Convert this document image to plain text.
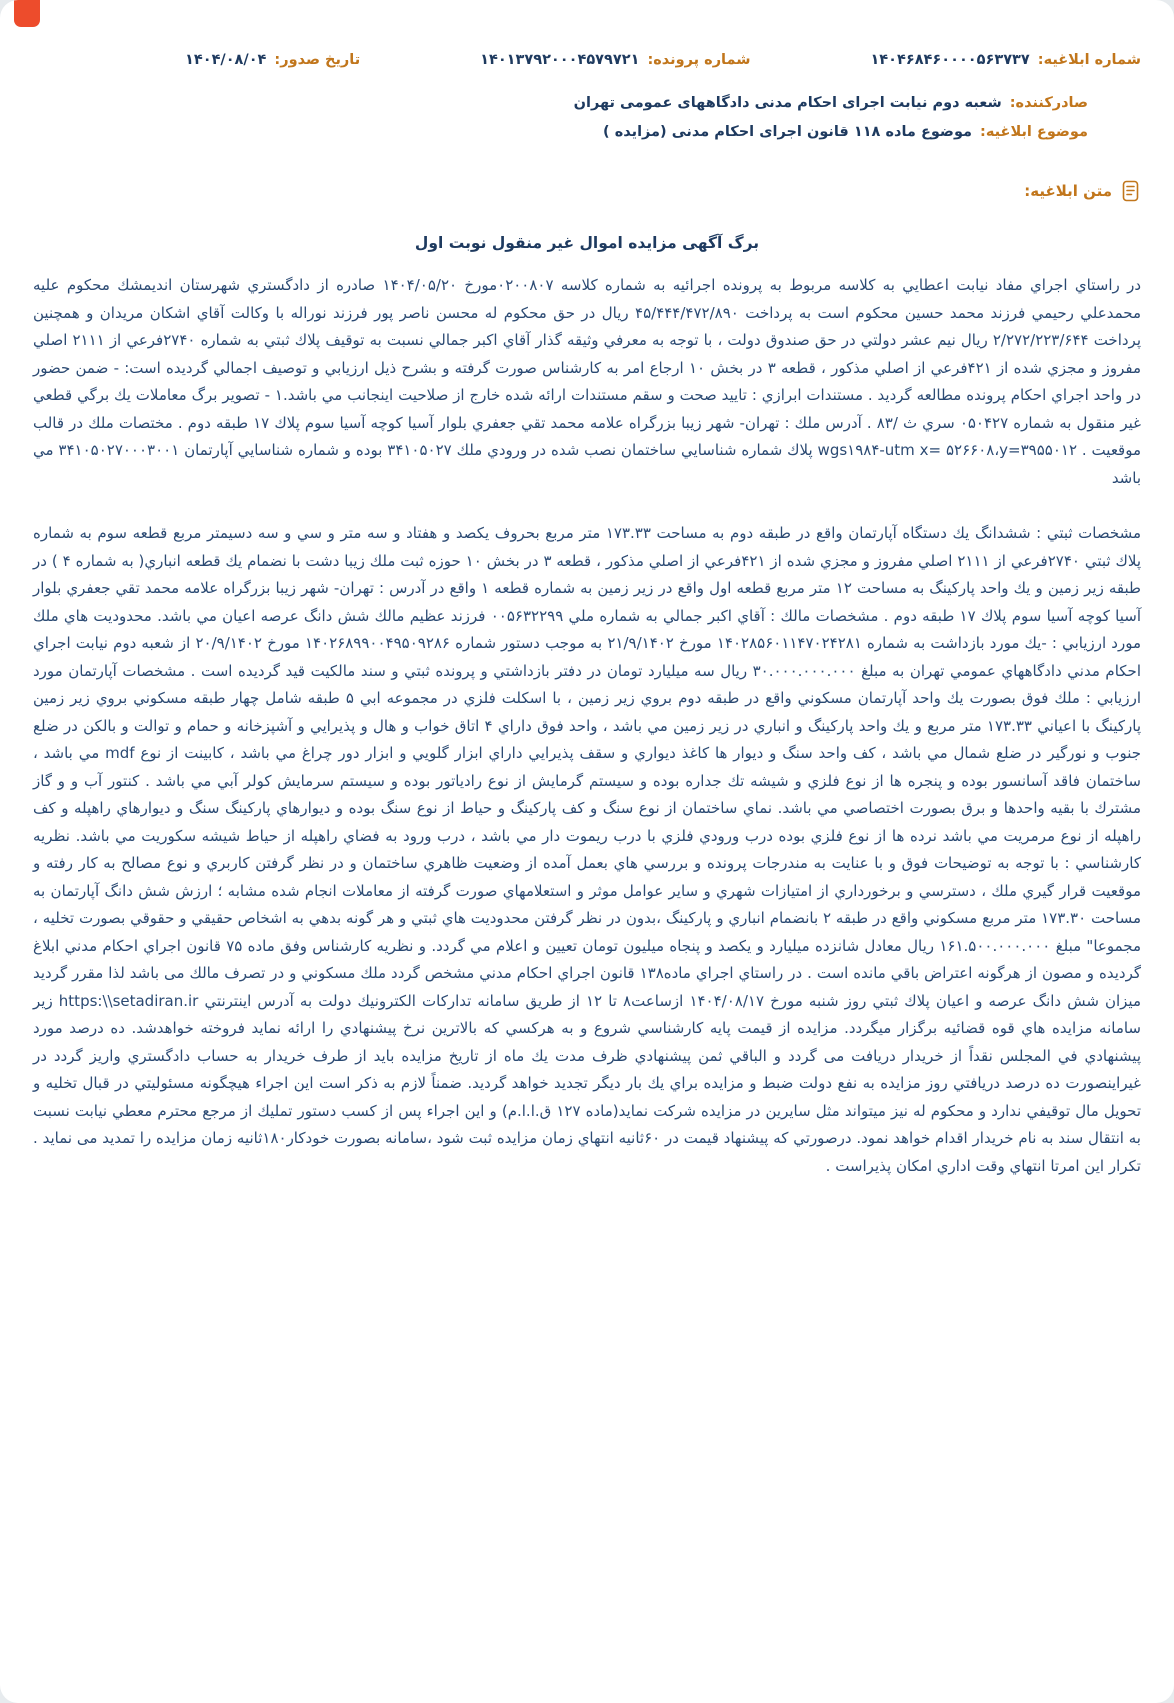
شماره ابلاغیه:۱۴۰۴۶۸۴۶۰۰۰۰۵۶۳۷۳۷
شماره پرونده:۱۴۰۱۳۷۹۲۰۰۰۴۵۷۹۷۲۱
تاریخ صدور:۱۴۰۴/۰۸/۰۴
صادرکننده:شعبه دوم نیابت اجرای احکام مدنی دادگاههای عمومی تهران
موضوع ابلاغیه:موضوع ماده ۱۱۸ قانون اجرای احکام مدنی (مزایده )
متن ابلاغیه:
برگ آگهی مزایده اموال غیر منقول نوبت اول

در راستاي اجراي مفاد نيابت اعطايي به كلاسه مربوط به پرونده اجرائيه به شماره كلاسه ۰۲۰۰۸۰۷مورخ ۱۴۰۴/۰۵/۲۰ صادره از دادگستري شهرستان انديمشك محكوم عليه محمدعلي رحيمي فرزند محمد حسين محكوم است به پرداخت ۴۵/۴۴۴/۴۷۲/۸۹۰ ريال در حق محكوم له محسن ناصر پور فرزند نوراله با وكالت آقاي اشكان مريدان و همچنين پرداخت ۲/۲۷۲/۲۲۳/۶۴۴ ريال نيم عشر دولتي در حق صندوق دولت ، با توجه به معرفي وثيقه گذار آقاي اكبر جمالي نسبت به توقيف پلاك ثبتي به شماره ۲۷۴۰فرعي از ۲۱۱۱ اصلي مفروز و مجزي شده از ۴۲۱فرعي از اصلي مذكور ، قطعه ۳ در بخش ۱۰ ارجاع امر به كارشناس صورت گرفته و بشرح ذيل ارزيابي و توصيف اجمالي گرديده است: - ضمن حضور در واحد اجراي احكام پرونده مطالعه گرديد . مستندات ابرازي : تاييد صحت و سقم مستندات ارائه شده خارج از صلاحيت اينجانب مي باشد.۱ - تصوير برگ معاملات يك برگي قطعي غير منقول به شماره ۰۵۰۴۲۷ سري ث /۸۳ . آدرس ملك : تهران- شهر زيبا بزرگراه علامه محمد تقي جعفري بلوار آسيا كوچه آسيا سوم پلاك ۱۷ طبقه دوم . مختصات ملك در قالب موقعيت . wgs۱۹۸۴-utm x= ۵۲۶۶۰۸،y=۳۹۵۵۰۱۲ پلاك شماره شناسايي ساختمان نصب شده در ورودي ملك ۳۴۱۰۵۰۲۷ بوده و شماره شناسايي آپارتمان ۳۴۱۰۵۰۲۷۰۰۰۳۰۰۱ مي باشد

مشخصات ثبتي : ششدانگ يك دستگاه آپارتمان واقع در طبقه دوم به مساحت ۱۷۳.۳۳ متر مربع بحروف يكصد و هفتاد و سه متر و سي و سه دسيمتر مربع قطعه سوم به شماره پلاك ثبتي ۲۷۴۰فرعي از ۲۱۱۱ اصلي مفروز و مجزي شده از ۴۲۱فرعي از اصلي مذكور ، قطعه ۳ در بخش ۱۰ حوزه ثبت ملك زيبا دشت با نضمام يك قطعه انباري( به شماره ۴ ) در طبقه زير زمين و يك واحد پاركينگ به مساحت ۱۲ متر مربع قطعه اول واقع در زير زمين به شماره قطعه ۱ واقع در آدرس : تهران- شهر زيبا بزرگراه علامه محمد تقي جعفري بلوار آسيا كوچه آسيا سوم پلاك ۱۷ طبقه دوم . مشخصات مالك : آقاي اكبر جمالي به شماره ملي ۰۰۵۶۳۲۲۹۹ فرزند عظيم مالك شش دانگ عرصه اعيان مي باشد. محدوديت هاي ملك مورد ارزيابي : -يك مورد بازداشت به شماره ۱۴۰۲۸۵۶۰۱۱۴۷۰۲۴۲۸۱ مورخ ۲۱/۹/۱۴۰۲ به موجب دستور شماره ۱۴۰۲۶۸۹۹۰۰۴۹۵۰۹۲۸۶ مورخ ۲۰/۹/۱۴۰۲ از شعبه دوم نيابت اجراي احكام مدني دادگاههاي عمومي تهران به مبلغ ۳۰.۰۰۰.۰۰۰.۰۰۰ ريال سه ميليارد تومان در دفتر بازداشتي و پرونده ثبتي و سند مالكيت قيد گرديده است . مشخصات آپارتمان مورد ارزيابي : ملك فوق بصورت يك واحد آپارتمان مسكوني واقع در طبقه دوم بروي زير زمين ، با اسكلت فلزي در مجموعه ابي ۵ طبقه شامل چهار طبقه مسكوني بروي زير زمين پاركينگ با اعياني ۱۷۳.۳۳ متر مربع و يك واحد پاركينگ و انباري در زير زمين مي باشد ، واحد فوق داراي ۴ اتاق خواب و هال و پذيرايي و آشپزخانه و حمام و توالت و بالكن در ضلع جنوب و نورگير در ضلع شمال مي باشد ، كف واحد سنگ و ديوار ها كاغذ ديواري و سقف پذيرايي داراي ابزار گلويي و ابزار دور چراغ مي باشد ، كابينت از نوع mdf مي باشد ، ساختمان فاقد آسانسور بوده و پنجره ها از نوع فلزي و شيشه تك جداره بوده و سيستم گرمايش از نوع رادياتور بوده و سيستم سرمايش كولر آبي مي باشد . كنتور آب و و گاز مشترك با بقيه واحدها و برق بصورت اختصاصي مي باشد. نماي ساختمان از نوع سنگ و كف پاركينگ و حياط از نوع سنگ بوده و ديوارهاي پاركينگ سنگ و ديوارهاي راهپله و كف راهپله از نوع مرمريت مي باشد نرده ها از نوع فلزي بوده درب ورودي فلزي با درب ريموت دار مي باشد ، درب ورود به فضاي راهپله از حياط شيشه سكوريت مي باشد. نظريه كارشناسي : با توجه به توضيحات فوق و با عنايت به مندرجات پرونده و بررسي هاي بعمل آمده از وضعيت ظاهري ساختمان و در نظر گرفتن كاربري و نوع مصالح به كار رفته و موقعيت قرار گيري ملك ، دسترسي و برخورداري از امتيازات شهري و ساير عوامل موثر و استعلامهاي صورت گرفته از معاملات انجام شده مشابه ؛ ارزش شش دانگ آپارتمان به مساحت ۱۷۳.۳۰ متر مربع مسكوني واقع در طبقه ۲ بانضمام انباري و پاركينگ ،بدون در نظر گرفتن محدوديت هاي ثبتي و هر گونه بدهي به اشخاص حقيقي و حقوقي بصورت تخليه ، مجموعا" مبلغ ۱۶۱.۵۰۰.۰۰۰.۰۰۰ ريال معادل شانزده ميليارد و يكصد و پنجاه ميليون تومان تعيين و اعلام مي گردد. و نظريه كارشناس وفق ماده ۷۵ قانون اجراي احكام مدني ابلاغ گرديده و مصون از هرگونه اعتراض باقي مانده است . در راستاي اجراي ماده۱۳۸ قانون اجراي احكام مدني مشخص گردد ملك مسكوني و در تصرف مالك می باشد لذا مقرر گرديد ميزان شش دانگ عرصه و اعيان پلاك ثبتي روز شنبه مورخ ۱۴۰۴/۰۸/۱۷ ازساعت۸ تا ۱۲ از طريق سامانه تداركات الكترونيك دولت به آدرس اينترنتي https:\\setadiran.ir زير سامانه مزايده هاي قوه قضائيه برگزار ميگردد. مزايده از قيمت پايه كارشناسي شروع و به هركسي كه بالاترين نرخ پيشنهادي را ارائه نمايد فروخته خواهدشد. ده درصد مورد پيشنهادي في المجلس نقداً از خريدار دريافت می گردد و الباقي ثمن پيشنهادي ظرف مدت يك ماه از تاريخ مزايده بايد از طرف خريدار به حساب دادگستري واريز گردد در غيراينصورت ده درصد دريافتي روز مزايده به نفع دولت ضبط و مزايده براي يك بار ديگر تجديد خواهد گرديد. ضمناً لازم به ذكر است اين اجراء هيچگونه مسئوليتي در قبال تخليه و تحويل مال توقيفي ندارد و محكوم له نيز ميتواند مثل سايرين در مزايده شركت نمايد(ماده ۱۲۷ ق.ا.ا.م) و اين اجراء پس از كسب دستور تمليك از مرجع محترم معطي نيابت نسبت به انتقال سند به نام خريدار اقدام خواهد نمود. درصورتي كه پيشنهاد قيمت در ۶۰ثانيه انتهاي زمان مزايده ثبت شود ،سامانه بصورت خودكار۱۸۰ثانيه زمان مزايده را تمديد می نمايد . تكرار اين امرتا انتهاي وقت اداري امكان پذيراست .
